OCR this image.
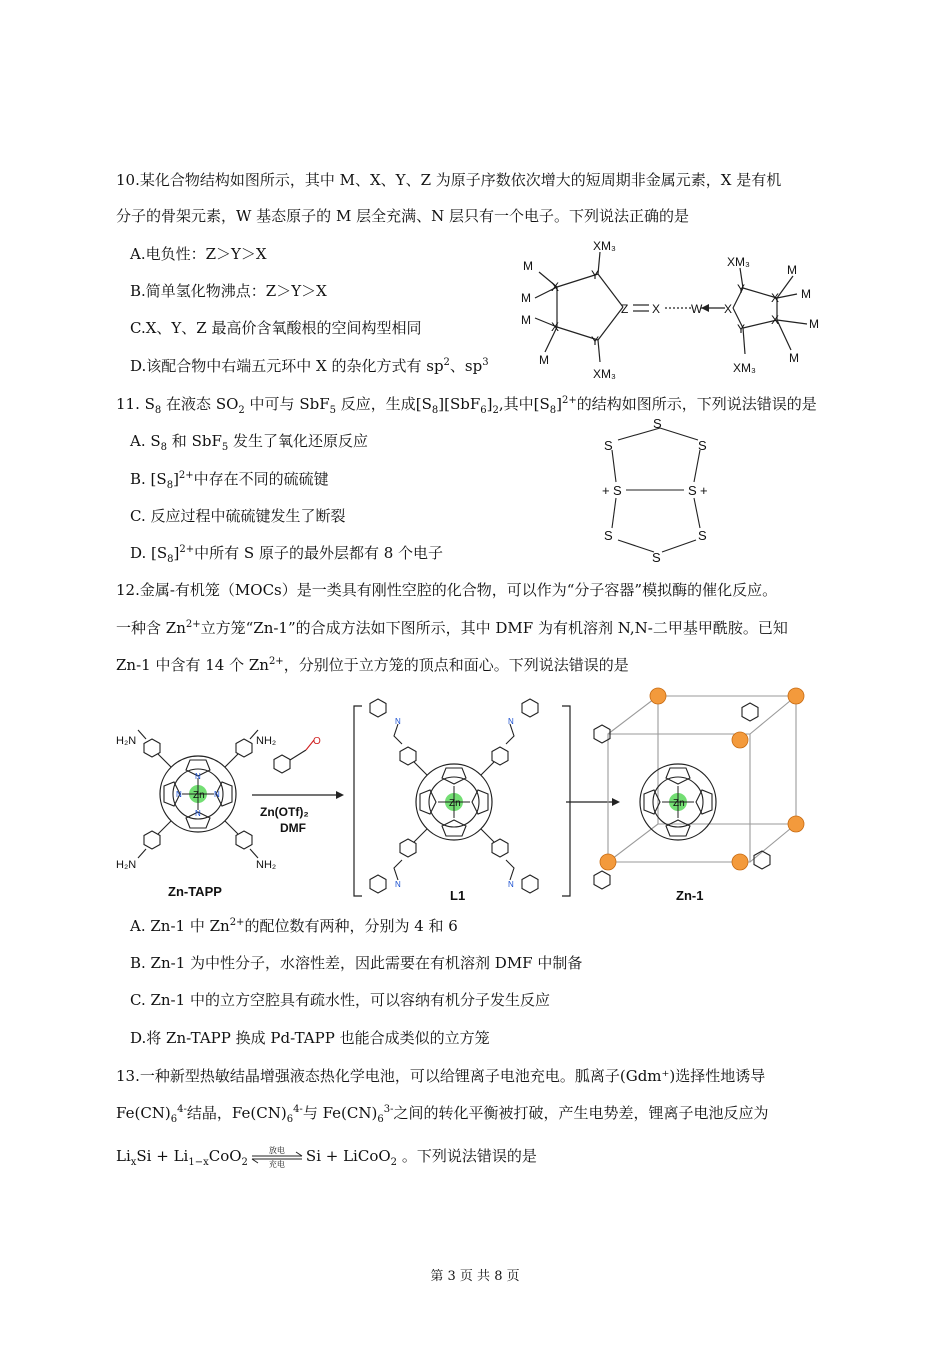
10.某化合物结构如图所示，其中 M、X、Y、Z 为原子序数依次增大的短周期非金属元素，X 是有机
分子的骨架元素，W 基态原子的 M 层全充满、N 层只有一个电子。下列说法正确的是
A.电负性：Z＞Y＞X
B.简单氢化物沸点：Z＞Y＞X
C.X、Y、Z 最高价含氧酸根的空间构型相同
D.该配合物中右端五元环中 X 的杂化方式有 $sp^2$、$sp^3$
XM₃
Y
X
X
Y
XM₃
M
M
M
M
Z X	W X
Y
Y
X
X
XM₃
XM₃
M
M
M
M
11. $S_8$ 在液态 $SO_2$ 中可与 SbF$_5$ 反应，生成$[S_8][SbF_6]_2$,其中$[S_8]^{2+}$的结构如图所示，下列说法错误的是
A. $S_8$ 和 SbF$_5$ 发生了氧化还原反应
B. $[S_8]^{2+}$中存在不同的硫硫键
C. 反应过程中硫硫键发生了断裂
D. $[S_8]^{2+}$中所有 S 原子的最外层都有 8 个电子
S
S	S
+ S	S +
S	S
S
12.金属-有机笼（MOCs）是一类具有刚性空腔的化合物，可以作为“分子容器”模拟酶的催化反应。
一种含 $Zn^{2+}$立方笼“Zn-1”的合成方法如下图所示，其中 DMF 为有机溶剂 N,N-二甲基甲酰胺。已知
Zn-1 中含有 14 个 $Zn^{2+}$，分别位于立方笼的顶点和面心。下列说法错误的是
Zn
N
N
N	N
H₂N	NH₂
H₂N	NH₂
Zn-TAPP
O
Zn(OTf)₂
DMF
Zn
N	N
N	N
L1
Zn
Zn-1
A. Zn-1 中 $Zn^{2+}$的配位数有两种，分别为 4 和 6
B. Zn-1 为中性分子，水溶性差，因此需要在有机溶剂 DMF 中制备
C. Zn-1 中的立方空腔具有疏水性，可以容纳有机分子发生反应
D.将 Zn-TAPP 换成 Pd-TAPP 也能合成类似的立方笼
13.一种新型热敏结晶增强液态热化学电池，可以给锂离子电池充电。胍离子(Gdm⁺)选择性地诱导
$Fe(CN)_6^{4-}$结晶，$Fe(CN)_6^{4-}$与 $Fe(CN)_6^{3-}$之间的转化平衡被打破，产生电势差，锂离子电池反应为
$Li_xSi + Li_{1-x}CoO_2$
放电
充电	Si + LiCoO$_2$ 。下列说法错误的是
第 3 页 共 8 页
